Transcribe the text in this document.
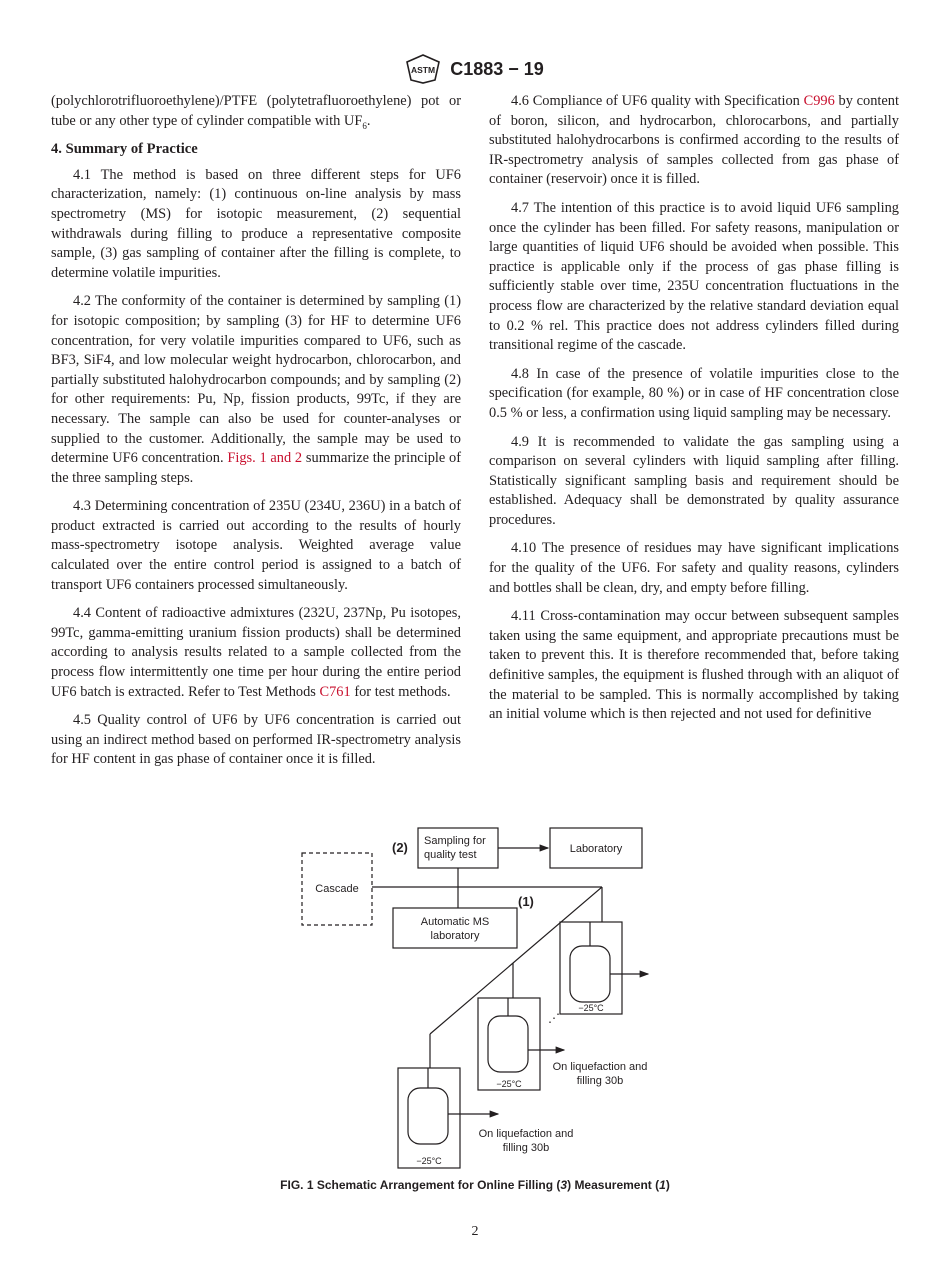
ASTM C1883 − 19

(polychlorotrifluoroethylene)/PTFE (polytetrafluoroethylene) pot or tube or any other type of cylinder compatible with $UF_6$.

4. Summary of Practice

4.1 The method is based on three different steps for UF6 characterization, namely: (1) continuous on-line analysis by mass spectrometry (MS) for isotopic measurement, (2) sequential withdrawals during filling to produce a representative composite sample, (3) gas sampling of container after the filling is complete, to determine volatile impurities.

4.2 The conformity of the container is determined by sampling (1) for isotopic composition; by sampling (3) for HF to determine UF6 concentration, for very volatile impurities compared to UF6, such as BF3, SiF4, and low molecular weight hydrocarbon, chlorocarbon, and partially substituted halohydrocarbon compounds; and by sampling (2) for other requirements: Pu, Np, fission products, 99Tc, if they are necessary. The sample can also be used for counter-analyses or supplied to the customer. Additionally, the sample may be used to determine UF6 concentration. Figs. 1 and 2 summarize the principle of the three sampling steps.

4.3 Determining concentration of 235U (234U, 236U) in a batch of product extracted is carried out according to the results of hourly mass-spectrometry isotope analysis. Weighted average value calculated over the entire control period is assigned to a batch of transport UF6 containers processed simultaneously.

4.4 Content of radioactive admixtures (232U, 237Np, Pu isotopes, 99Tc, gamma-emitting uranium fission products) shall be determined according to analysis results related to a sample collected from the process flow intermittently one time per hour during the entire period UF6 batch is extracted. Refer to Test Methods C761 for test methods.

4.5 Quality control of UF6 by UF6 concentration is carried out using an indirect method based on performed IR-spectrometry analysis for HF content in gas phase of container once it is filled.

4.6 Compliance of UF6 quality with Specification C996 by content of boron, silicon, and hydrocarbon, chlorocarbons, and partially substituted halohydrocarbons is confirmed according to the results of IR-spectrometry analysis of samples collected from gas phase of container (reservoir) once it is filled.

4.7 The intention of this practice is to avoid liquid UF6 sampling once the cylinder has been filled. For safety reasons, manipulation or large quantities of liquid UF6 should be avoided when possible. This practice is applicable only if the process of gas phase filling is sufficiently stable over time, 235U concentration fluctuations in the process flow are characterized by the relative standard deviation equal to 0.2 % rel. This practice does not address cylinders filled during transitional regime of the cascade.

4.8 In case of the presence of volatile impurities close to the specification (for example, 80 %) or in case of HF concentration close 0.5 % or less, a confirmation using liquid sampling may be necessary.

4.9 It is recommended to validate the gas sampling using a comparison on several cylinders with liquid sampling after filling. Statistically significant sampling basis and requirement should be established. Adequacy shall be demonstrated by quality assurance procedures.

4.10 The presence of residues may have significant implications for the quality of the UF6. For safety and quality reasons, cylinders and bottles shall be clean, dry, and empty before filling.

4.11 Cross-contamination may occur between subsequent samples taken using the same equipment, and appropriate precautions must be taken to prevent this. It is therefore recommended that, before taking definitive samples, the equipment is flushed through with an aliquot of the material to be sampled. This is normally accomplished by taking an initial volume which is then rejected and not used for definitive

(2) Sampling for
quality test	Laboratory
Cascade
(1)
Automatic MS
laboratory
−25°C
−25°C
−25°C
⋰
On liquefaction and
filling 30b
On liquefaction and
filling 30b
FIG. 1 Schematic Arrangement for Online Filling (3) Measurement (1)
2
